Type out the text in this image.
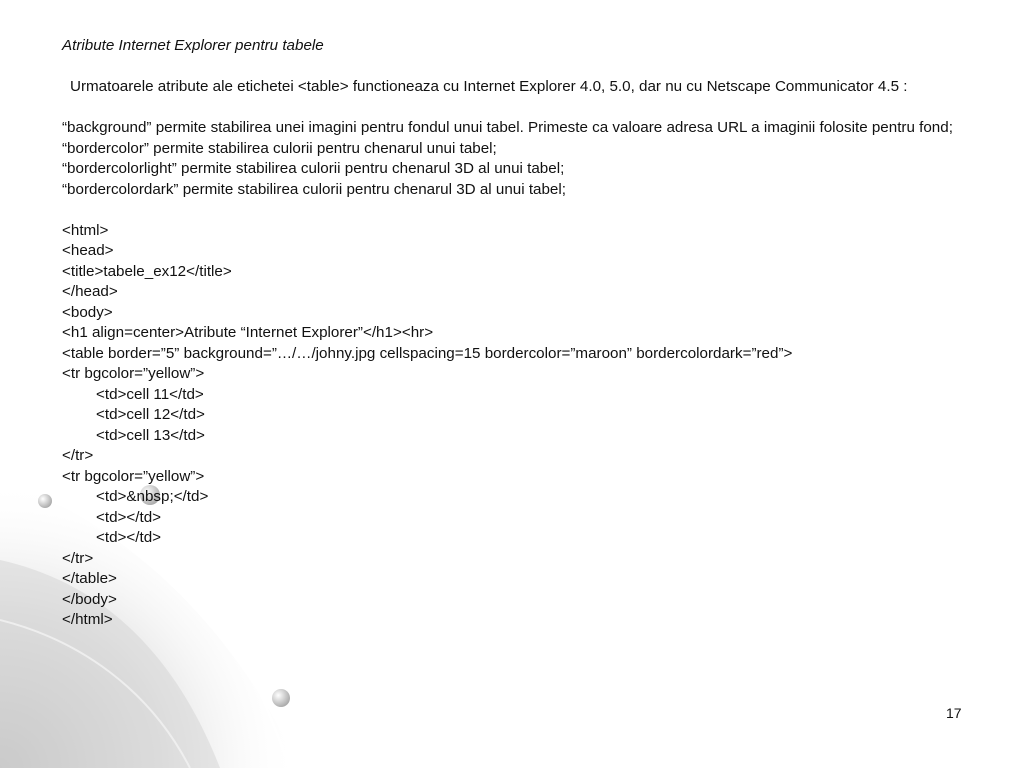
Atribute Internet Explorer pentru tabele
Urmatoarele atribute ale etichetei <table> functioneaza cu Internet Explorer 4.0, 5.0, dar nu cu Netscape Communicator 4.5 :
“background” permite stabilirea unei imagini pentru fondul unui tabel. Primeste ca valoare adresa URL a imaginii folosite pentru fond;
“bordercolor” permite stabilirea culorii pentru chenarul unui tabel;
“bordercolorlight” permite stabilirea culorii pentru chenarul 3D al unui tabel;
“bordercolordark” permite stabilirea culorii pentru chenarul 3D al unui tabel;
<html>
<head>
<title>tabele_ex12</title>
</head>
<body>
<h1 align=center>Atribute “Internet Explorer”</h1><hr>
<table border=”5” background=”…/…/johny.jpg cellspacing=15 bordercolor=”maroon” bordercolordark=”red”>
<tr bgcolor=”yellow”>
<td>cell 11</td>
<td>cell 12</td>
<td>cell 13</td>
</tr>
<tr bgcolor=”yellow”>
<td>&nbsp;</td>
<td></td>
<td></td>
</tr>
</table>
</body>
</html>
17
